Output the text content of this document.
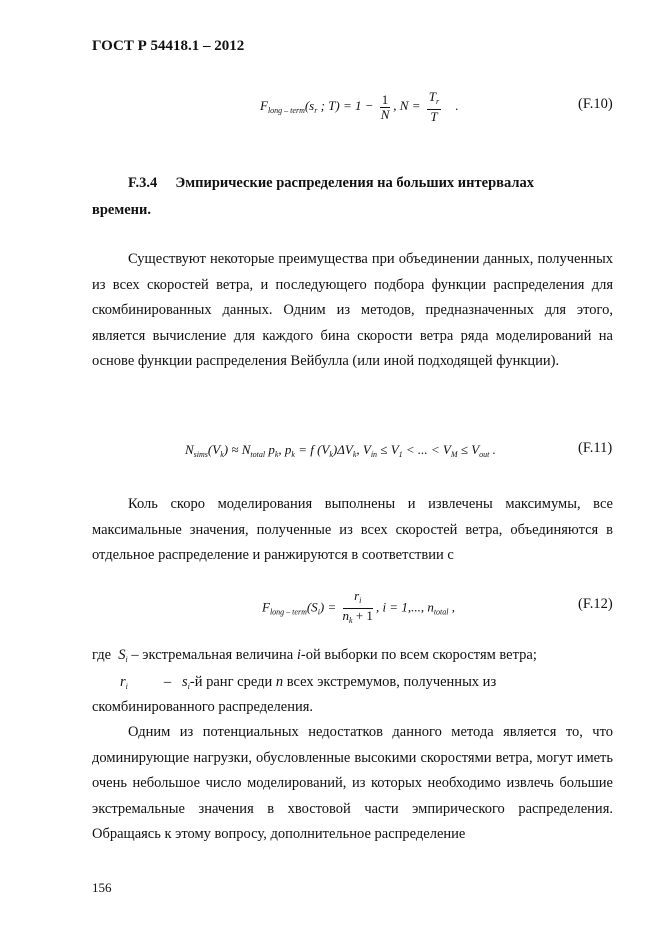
ГОСТ Р 54418.1 – 2012
$F_{long - term}(s_r$ ; $T) = 1 - \frac{1}{N}$ , $N = \frac{T_r}{T}$ .	(F.10)
F.3.4 Эмпирические распределения на больших интервалах
времени.
Существуют некоторые преимущества при объединении данных, полученных из всех скоростей ветра, и последующего подбора функции распределения для скомбинированных данных. Одним из методов, предназначенных для этого, является вычисление для каждого бина скорости ветра ряда моделирований на основе функции распределения Вейбулла (или иной подходящей функции).
$N_{sims}(V_k) \approx N_{total}$ $p_k$, $p_k = f$ $(V_k)\Delta V_k$, $V_{in} \le V_1$ < ... < $V_M \le V_{out}$ .	(F.11)
Коль скоро моделирования выполнены и извлечены максимумы, все максимальные значения, полученные из всех скоростей ветра, объединяются в отдельное распределение и ранжируются в соответствии с
$F_{long - term}(S_i) = \frac{r_i}{n_k + 1}$ , i = 1,..., $n_{total}$ ,	(F.12)
где $S_i$ – экстремальная величина i-ой выборки по всем скоростям ветра;
$r_i - s_i-й$ ранг среди n всех экстремумов, полученных из
скомбинированного распределения.
Одним из потенциальных недостатков данного метода является то, что доминирующие нагрузки, обусловленные высокими скоростями ветра, могут иметь очень небольшое число моделирований, из которых необходимо извлечь большие экстремальные значения в хвостовой части эмпирического распределения. Обращаясь к этому вопросу, дополнительное распределение
156
